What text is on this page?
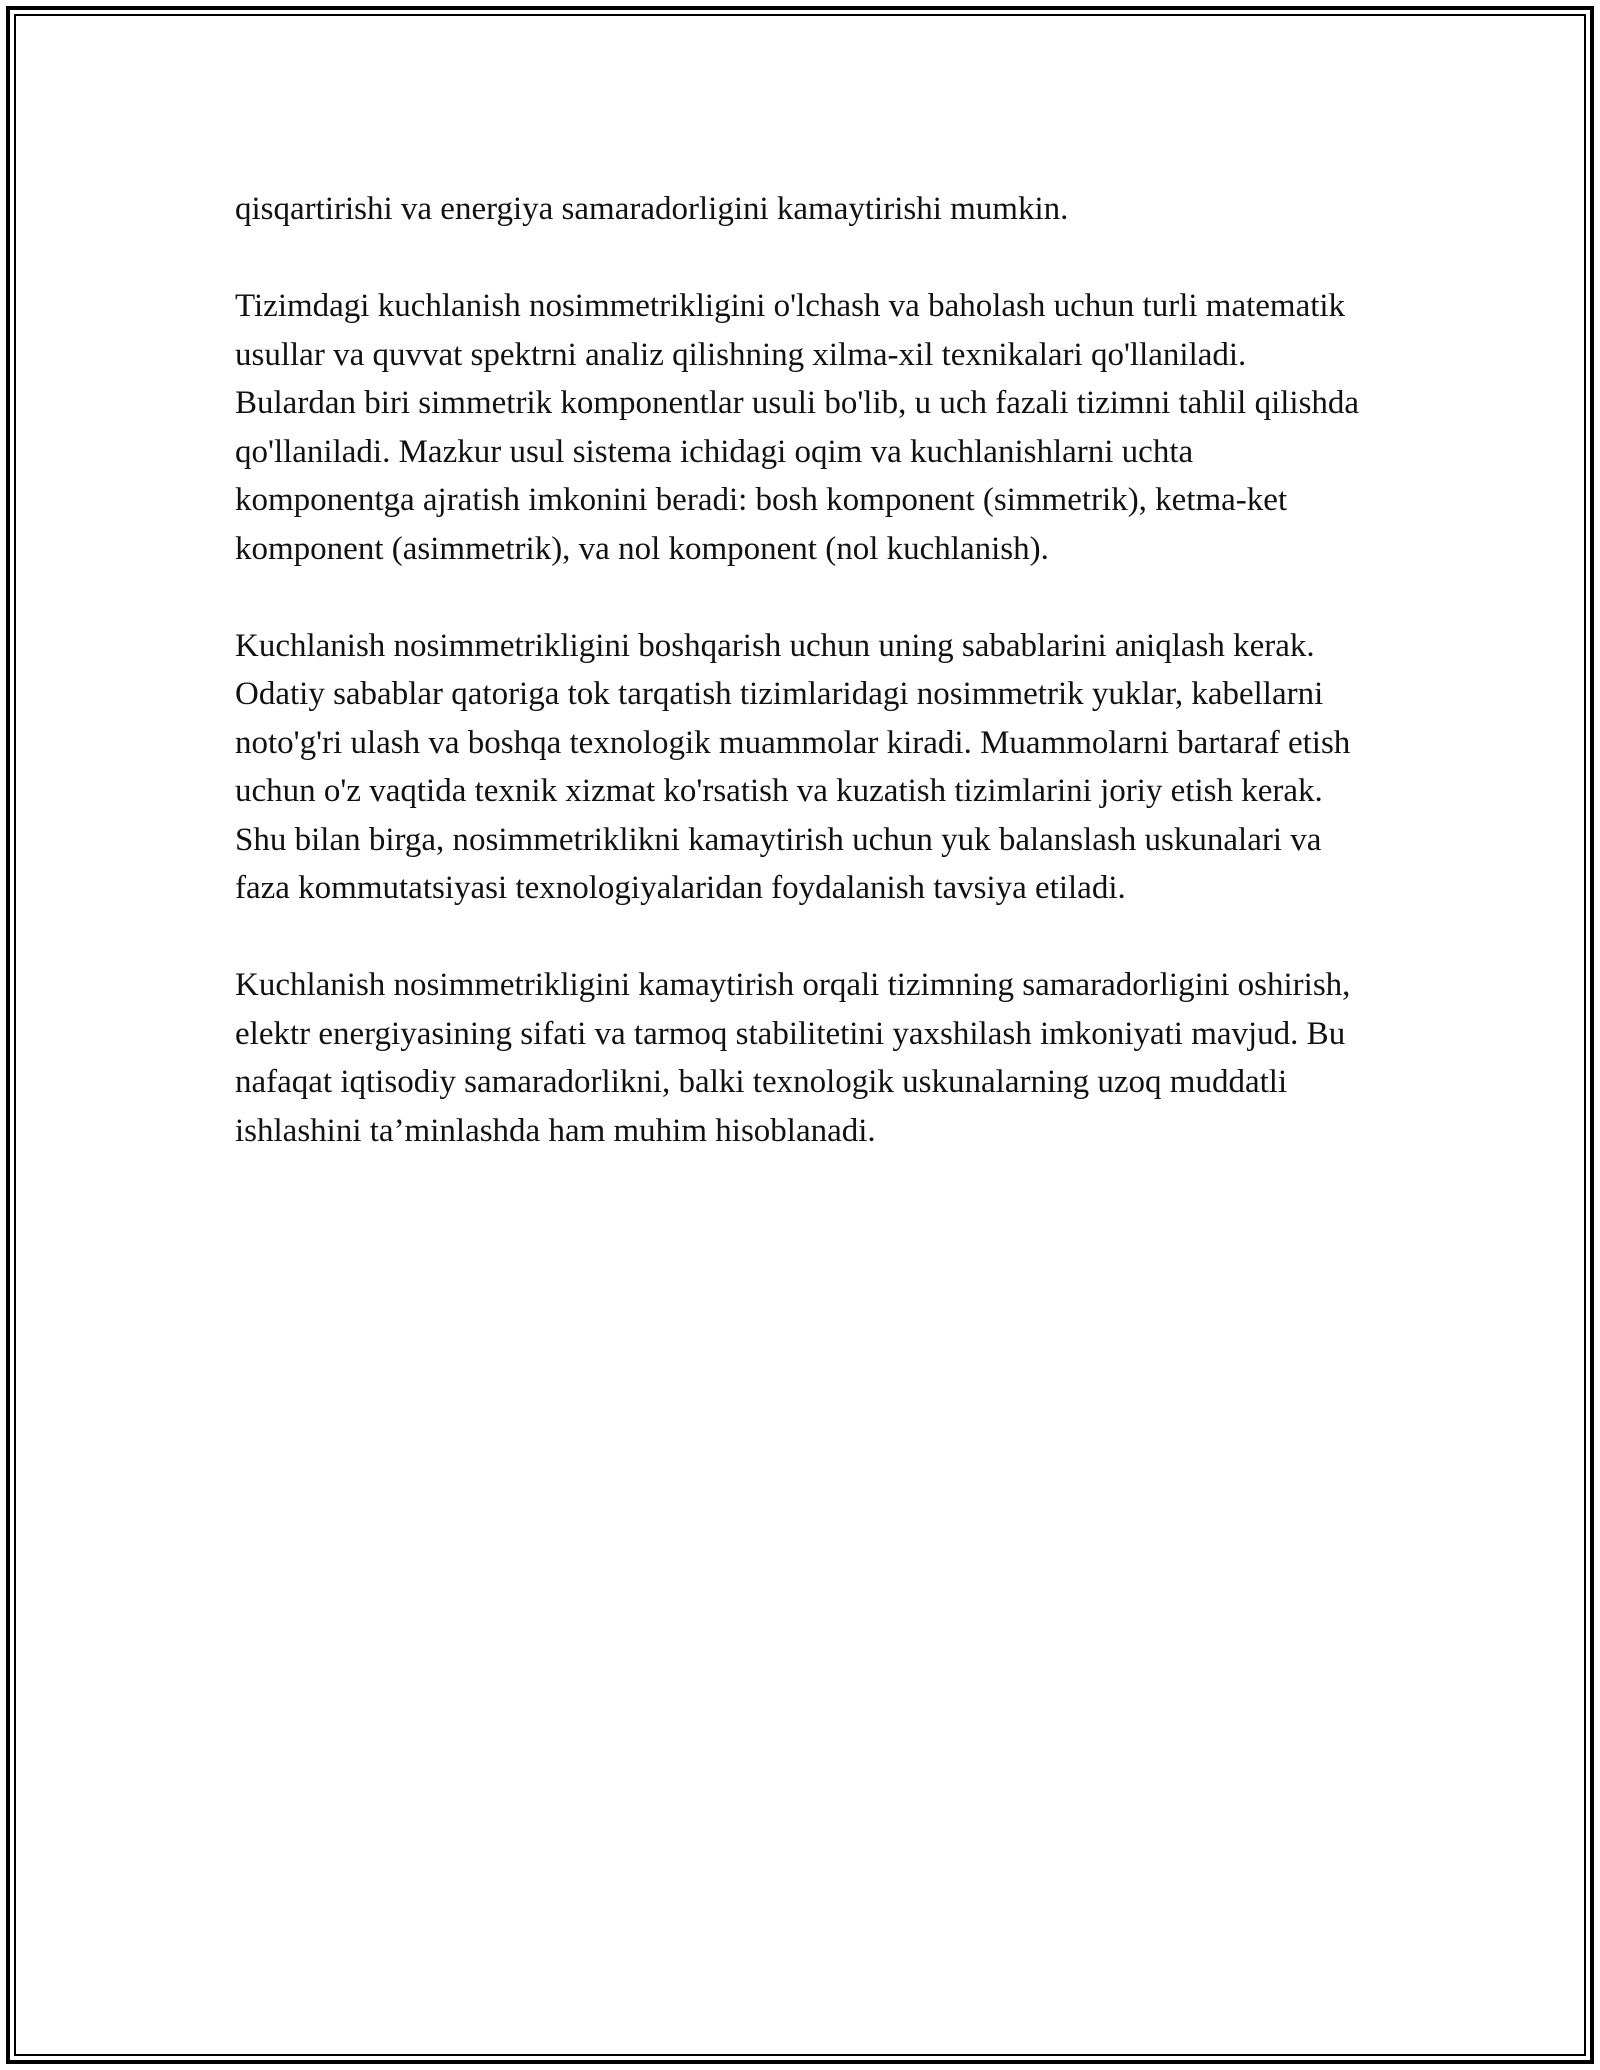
qisqartirishi va energiya samaradorligini kamaytirishi mumkin.

Tizimdagi kuchlanish nosimmetrikligini o'lchash va baholash uchun turli matematik usullar va quvvat spektrni analiz qilishning xilma-xil texnikalari qo'llaniladi. Bulardan biri simmetrik komponentlar usuli bo'lib, u uch fazali tizimni tahlil qilishda qo'llaniladi. Mazkur usul sistema ichidagi oqim va kuchlanishlarni uchta komponentga ajratish imkonini beradi: bosh komponent (simmetrik), ketma-ket komponent (asimmetrik), va nol komponent (nol kuchlanish).

Kuchlanish nosimmetrikligini boshqarish uchun uning sabablarini aniqlash kerak. Odatiy sabablar qatoriga tok tarqatish tizimlaridagi nosimmetrik yuklar, kabellarni noto'g'ri ulash va boshqa texnologik muammolar kiradi. Muammolarni bartaraf etish uchun o'z vaqtida texnik xizmat ko'rsatish va kuzatish tizimlarini joriy etish kerak. Shu bilan birga, nosimmetriklikni kamaytirish uchun yuk balanslash uskunalari va faza kommutatsiyasi texnologiyalaridan foydalanish tavsiya etiladi.

Kuchlanish nosimmetrikligini kamaytirish orqali tizimning samaradorligini oshirish, elektr energiyasining sifati va tarmoq stabilitetini yaxshilash imkoniyati mavjud. Bu nafaqat iqtisodiy samaradorlikni, balki texnologik uskunalarning uzoq muddatli ishlashini ta’minlashda ham muhim hisoblanadi.
